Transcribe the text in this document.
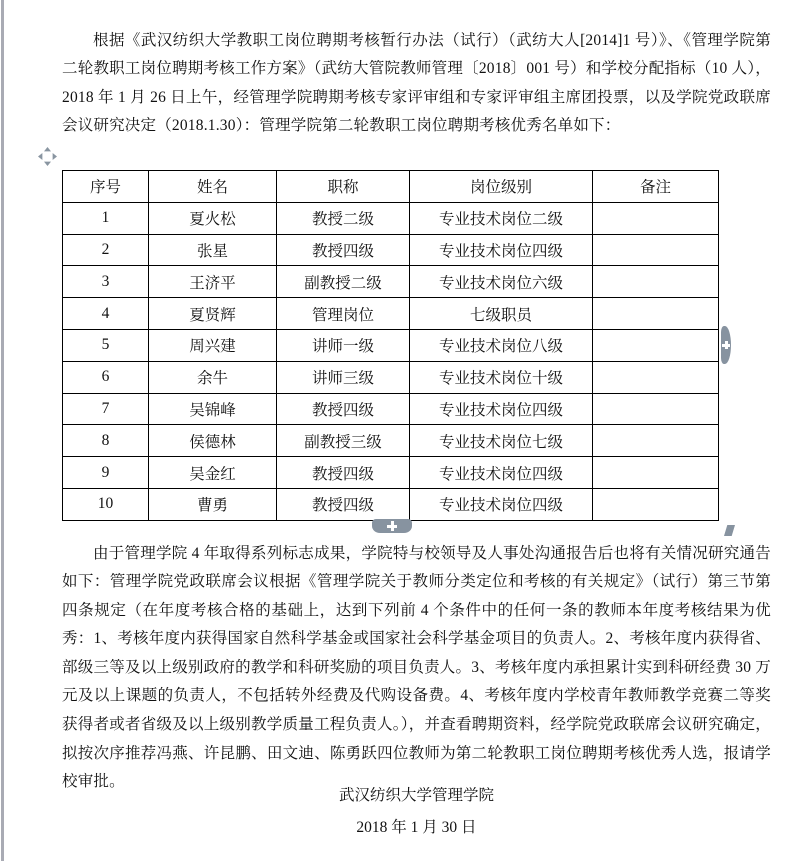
根据《武汉纺织大学教职工岗位聘期考核暂行办法（试行）（武纺大人[2014]1 号）》、《管理学院第二轮教职工岗位聘期考核工作方案》（武纺大管院教师管理〔2018〕001 号）和学校分配指标（10 人），2018 年 1 月 26 日上午，经管理学院聘期考核专家评审组和专家评审组主席团投票，以及学院党政联席会议研究决定（2018.1.30）：管理学院第二轮教职工岗位聘期考核优秀名单如下：

序号	姓名	职称	岗位级别	备注
1	夏火松	教授二级	专业技术岗位二级	
2	张星	教授四级	专业技术岗位四级	
3	王济平	副教授二级	专业技术岗位六级	
4	夏贤辉	管理岗位	七级职员	
5	周兴建	讲师一级	专业技术岗位八级	
6	余牛	讲师三级	专业技术岗位十级	
7	吴锦峰	教授四级	专业技术岗位四级	
8	侯德林	副教授三级	专业技术岗位七级	
9	吴金红	教授四级	专业技术岗位四级	
10	曹勇	教授四级	专业技术岗位四级	

由于管理学院 4 年取得系列标志成果，学院特与校领导及人事处沟通报告后也将有关情况研究通告如下：管理学院党政联席会议根据《管理学院关于教师分类定位和考核的有关规定》（试行）第三节第四条规定（在年度考核合格的基础上，达到下列前 4 个条件中的任何一条的教师本年度考核结果为优秀：1、考核年度内获得国家自然科学基金或国家社会科学基金项目的负责人。2、考核年度内获得省、部级三等及以上级别政府的教学和科研奖励的项目负责人。3、考核年度内承担累计实到科研经费 30 万元及以上课题的负责人，不包括转外经费及代购设备费。4、考核年度内学校青年教师教学竞赛二等奖获得者或者省级及以上级别教学质量工程负责人。），并查看聘期资料，经学院党政联席会议研究确定，拟按次序推荐冯燕、许昆鹏、田文迪、陈勇跃四位教师为第二轮教职工岗位聘期考核优秀人选，报请学校审批。

武汉纺织大学管理学院
2018 年 1 月 30 日
